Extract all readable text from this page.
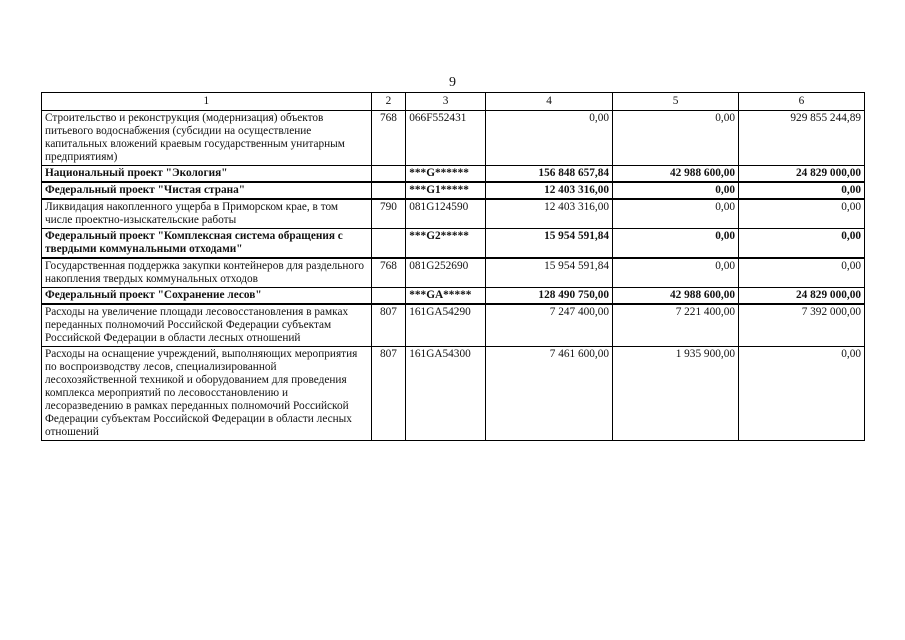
9
1	2	3	4	5	6
Строительство и реконструкция (модернизация) объектов питьевого водоснабжения (субсидии на осуществление капитальных вложений краевым государственным унитарным предприятиям)	768	066F552431	0,00	0,00	929 855 244,89
Национальный проект "Экология"		***G******	156 848 657,84	42 988 600,00	24 829 000,00
Федеральный проект "Чистая страна"		***G1*****	12 403 316,00	0,00	0,00
Ликвидация накопленного ущерба в Приморском крае, в том числе проектно-изыскательские работы	790	081G124590	12 403 316,00	0,00	0,00
Федеральный проект "Комплексная система обращения с твердыми коммунальными отходами"		***G2*****	15 954 591,84	0,00	0,00
Государственная поддержка закупки контейнеров для раздельного накопления твердых коммунальных отходов	768	081G252690	15 954 591,84	0,00	0,00
Федеральный проект "Сохранение лесов"		***GA*****	128 490 750,00	42 988 600,00	24 829 000,00
Расходы на увеличение площади лесовосстановления в рамках переданных полномочий Российской Федерации субъектам Российской Федерации в области лесных отношений	807	161GA54290	7 247 400,00	7 221 400,00	7 392 000,00
Расходы на оснащение учреждений, выполняющих мероприятия по воспроизводству лесов, специализированной лесохозяйственной техникой и оборудованием для проведения комплекса мероприятий по лесовосстановлению и лесоразведению в рамках переданных полномочий Российской Федерации субъектам Российской Федерации в области лесных отношений	807	161GA54300	7 461 600,00	1 935 900,00	0,00
